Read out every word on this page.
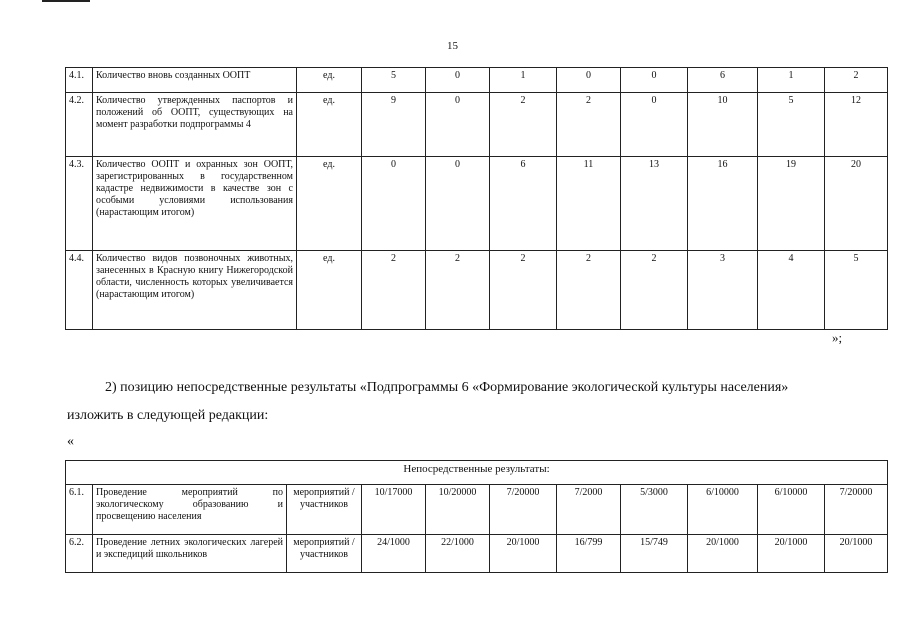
15
4.1.	Количество вновь созданных ООПТ	ед.	5	0	1	0	0	6	1	2
4.2.	Количество утвержденных паспортов и положений об ООПТ, существующих на момент разработки подпрограммы 4	ед.	9	0	2	2	0	10	5	12
4.3.	Количество ООПТ и охранных зон ООПТ, зарегистрированных в государственном кадастре недвижимости в качестве зон с особыми условиями использования (нарастающим итогом)	ед.	0	0	6	11	13	16	19	20
4.4.	Количество видов позвоночных животных, занесенных в Красную книгу Нижегородской области, численность которых увеличивается (нарастающим итогом)	ед.	2	2	2	2	2	3	4	5
»;
2) позицию непосредственные результаты «Подпрограммы 6 «Формирование экологической культуры населения»
изложить в следующей редакции:
«
Непосредственные результаты:										
6.1.	Проведение мероприятий по экологическому образованию и просвещению населения	мероприятий /участников	10/17000	10/20000	7/20000	7/2000	5/3000	6/10000	6/10000	7/20000
6.2.	Проведение летних экологических лагерей и экспедиций школьников	мероприятий /участников	24/1000	22/1000	20/1000	16/799	15/749	20/1000	20/1000	20/1000
